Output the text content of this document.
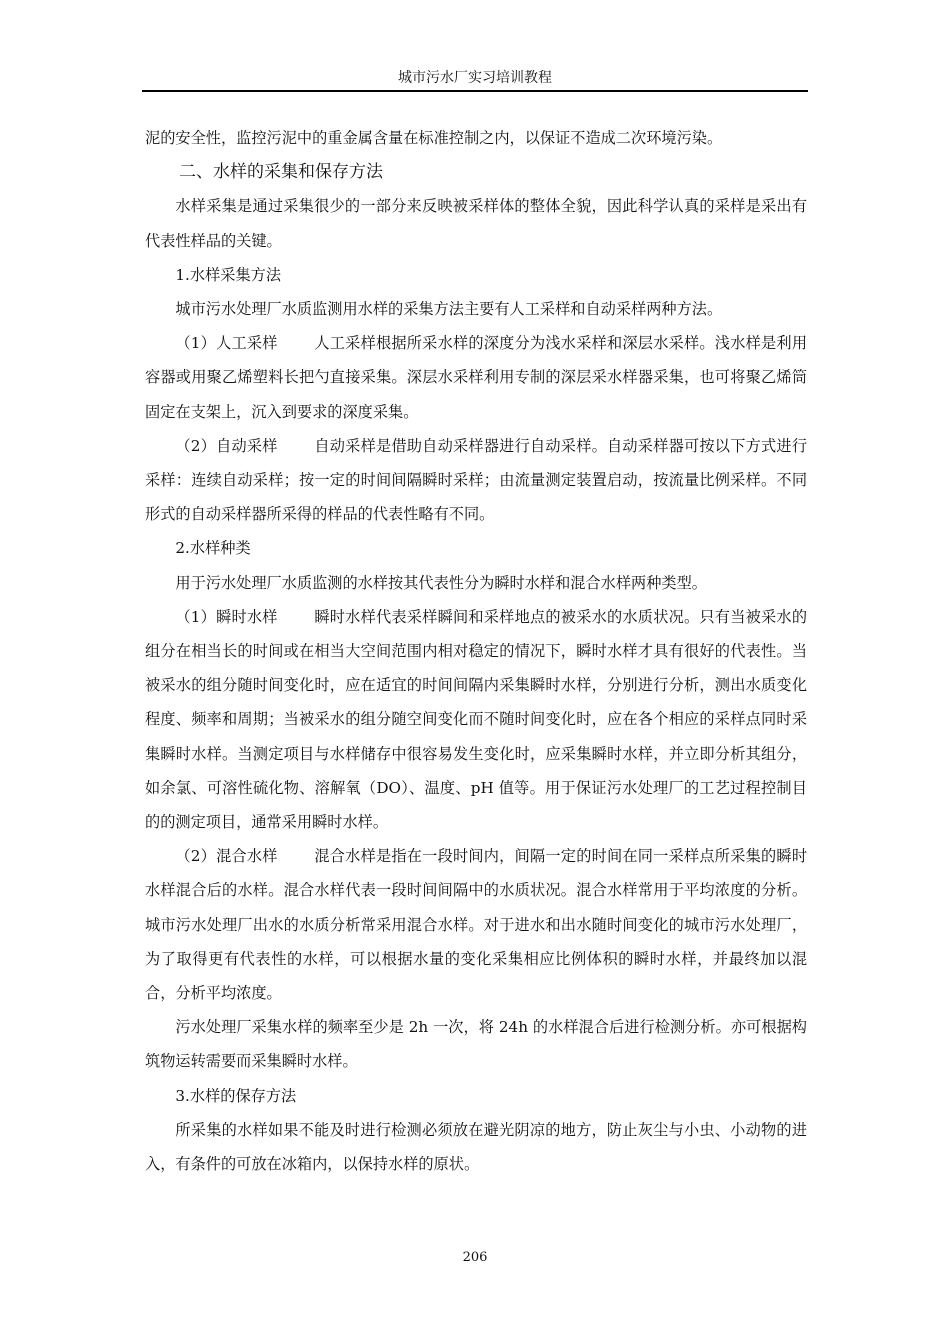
城市污水厂实习培训教程

泥的安全性，监控污泥中的重金属含量在标准控制之内，以保证不造成二次环境污染。

二、水样的采集和保存方法

水样采集是通过采集很少的一部分来反映被采样体的整体全貌，因此科学认真的采样是采出有代表性样品的关键。

1.水样采集方法

城市污水处理厂水质监测用水样的采集方法主要有人工采样和自动采样两种方法。

（1）人工采样 人工采样根据所采水样的深度分为浅水采样和深层水采样。浅水样是利用容器或用聚乙烯塑料长把勺直接采集。深层水采样利用专制的深层采水样器采集，也可将聚乙烯筒固定在支架上，沉入到要求的深度采集。

（2）自动采样 自动采样是借助自动采样器进行自动采样。自动采样器可按以下方式进行采样：连续自动采样；按一定的时间间隔瞬时采样；由流量测定装置启动，按流量比例采样。不同形式的自动采样器所采得的样品的代表性略有不同。

2.水样种类

用于污水处理厂水质监测的水样按其代表性分为瞬时水样和混合水样两种类型。

（1）瞬时水样 瞬时水样代表采样瞬间和采样地点的被采水的水质状况。只有当被采水的组分在相当长的时间或在相当大空间范围内相对稳定的情况下，瞬时水样才具有很好的代表性。当被采水的组分随时间变化时，应在适宜的时间间隔内采集瞬时水样，分别进行分析，测出水质变化程度、频率和周期；当被采水的组分随空间变化而不随时间变化时，应在各个相应的采样点同时采集瞬时水样。当测定项目与水样储存中很容易发生变化时，应采集瞬时水样，并立即分析其组分，如余氯、可溶性硫化物、溶解氧（DO）、温度、pH 值等。用于保证污水处理厂的工艺过程控制目的的测定项目，通常采用瞬时水样。

（2）混合水样 混合水样是指在一段时间内，间隔一定的时间在同一采样点所采集的瞬时水样混合后的水样。混合水样代表一段时间间隔中的水质状况。混合水样常用于平均浓度的分析。城市污水处理厂出水的水质分析常采用混合水样。对于进水和出水随时间变化的城市污水处理厂，为了取得更有代表性的水样，可以根据水量的变化采集相应比例体积的瞬时水样，并最终加以混合，分析平均浓度。

污水处理厂采集水样的频率至少是 2h 一次，将 24h 的水样混合后进行检测分析。亦可根据构筑物运转需要而采集瞬时水样。

3.水样的保存方法

所采集的水样如果不能及时进行检测必须放在避光阴凉的地方，防止灰尘与小虫、小动物的进入，有条件的可放在冰箱内，以保持水样的原状。

206
